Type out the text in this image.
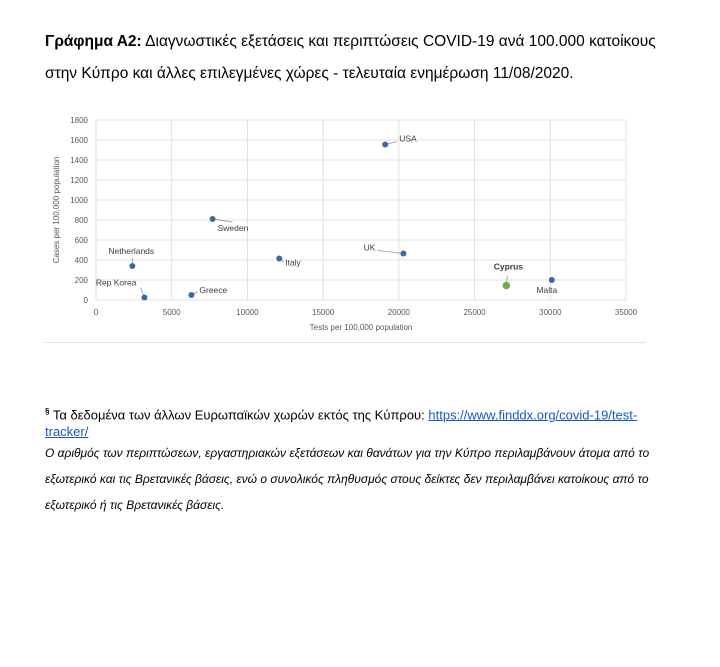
Γράφημα Α2: Διαγνωστικές εξετάσεις και περιπτώσεις COVID-19 ανά 100.000 κατοίκους στην Κύπρο και άλλες επιλεγμένες χώρες - τελευταία ενημέρωση 11/08/2020.

0
200
400
600
800
1000
1200
1400
1600
1800
0	5000	10000	15000	20000	25000	30000	35000
Tests per 100,000 population
Cases per 100,000 population
USA
Sweden
UK
Italy
Netherlands
Rep Korea
Greece
Cyprus
Malta
§ Τα δεδομένα των άλλων Ευρωπαϊκών χωρών εκτός της Κύπρου: https://www.finddx.org/covid-19/test-tracker/
Ο αριθμός των περιπτώσεων, εργαστηριακών εξετάσεων και θανάτων για την Κύπρο περιλαμβάνουν άτομα από το εξωτερικό και τις Βρετανικές βάσεις, ενώ ο συνολικός πληθυσμός στους δείκτες δεν περιλαμβάνει κατοίκους από το εξωτερικό ή τις Βρετανικές βάσεις.
